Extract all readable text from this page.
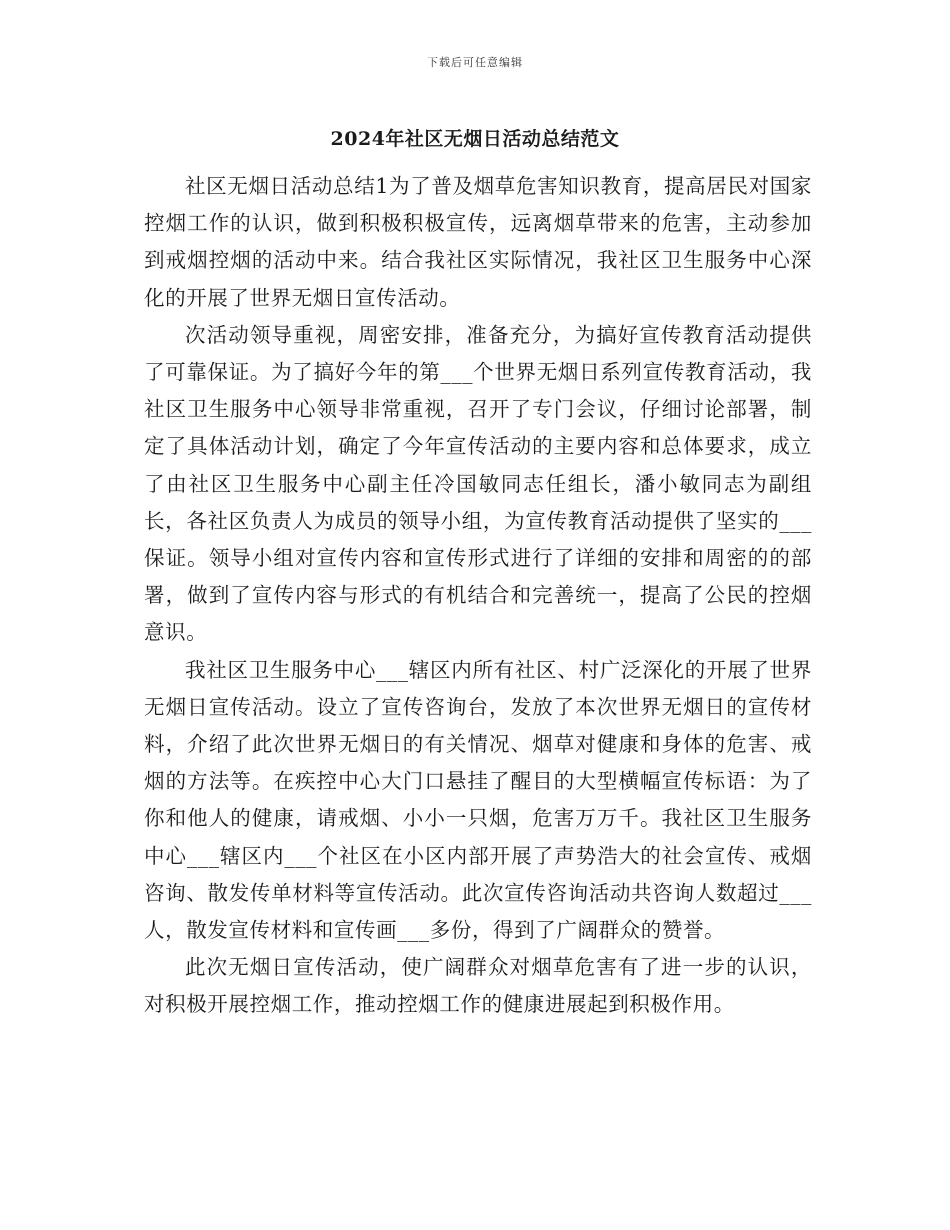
下载后可任意编辑
2024年社区无烟日活动总结范文

社区无烟日活动总结1为了普及烟草危害知识教育，提高居民对国家控烟工作的认识，做到积极积极宣传，远离烟草带来的危害，主动参加到戒烟控烟的活动中来。结合我社区实际情况，我社区卫生服务中心深化的开展了世界无烟日宣传活动。

次活动领导重视，周密安排，准备充分，为搞好宣传教育活动提供了可靠保证。为了搞好今年的第___个世界无烟日系列宣传教育活动，我社区卫生服务中心领导非常重视，召开了专门会议，仔细讨论部署，制定了具体活动计划，确定了今年宣传活动的主要内容和总体要求，成立了由社区卫生服务中心副主任冷国敏同志任组长，潘小敏同志为副组长，各社区负责人为成员的领导小组，为宣传教育活动提供了坚实的___保证。领导小组对宣传内容和宣传形式进行了详细的安排和周密的的部署，做到了宣传内容与形式的有机结合和完善统一，提高了公民的控烟意识。

我社区卫生服务中心___辖区内所有社区、村广泛深化的开展了世界无烟日宣传活动。设立了宣传咨询台，发放了本次世界无烟日的宣传材料，介绍了此次世界无烟日的有关情况、烟草对健康和身体的危害、戒烟的方法等。在疾控中心大门口悬挂了醒目的大型横幅宣传标语：为了你和他人的健康，请戒烟、小小一只烟，危害万万千。我社区卫生服务中心___辖区内___个社区在小区内部开展了声势浩大的社会宣传、戒烟咨询、散发传单材料等宣传活动。此次宣传咨询活动共咨询人数超过___人，散发宣传材料和宣传画___多份，得到了广阔群众的赞誉。

此次无烟日宣传活动，使广阔群众对烟草危害有了进一步的认识，对积极开展控烟工作，推动控烟工作的健康进展起到积极作用。
